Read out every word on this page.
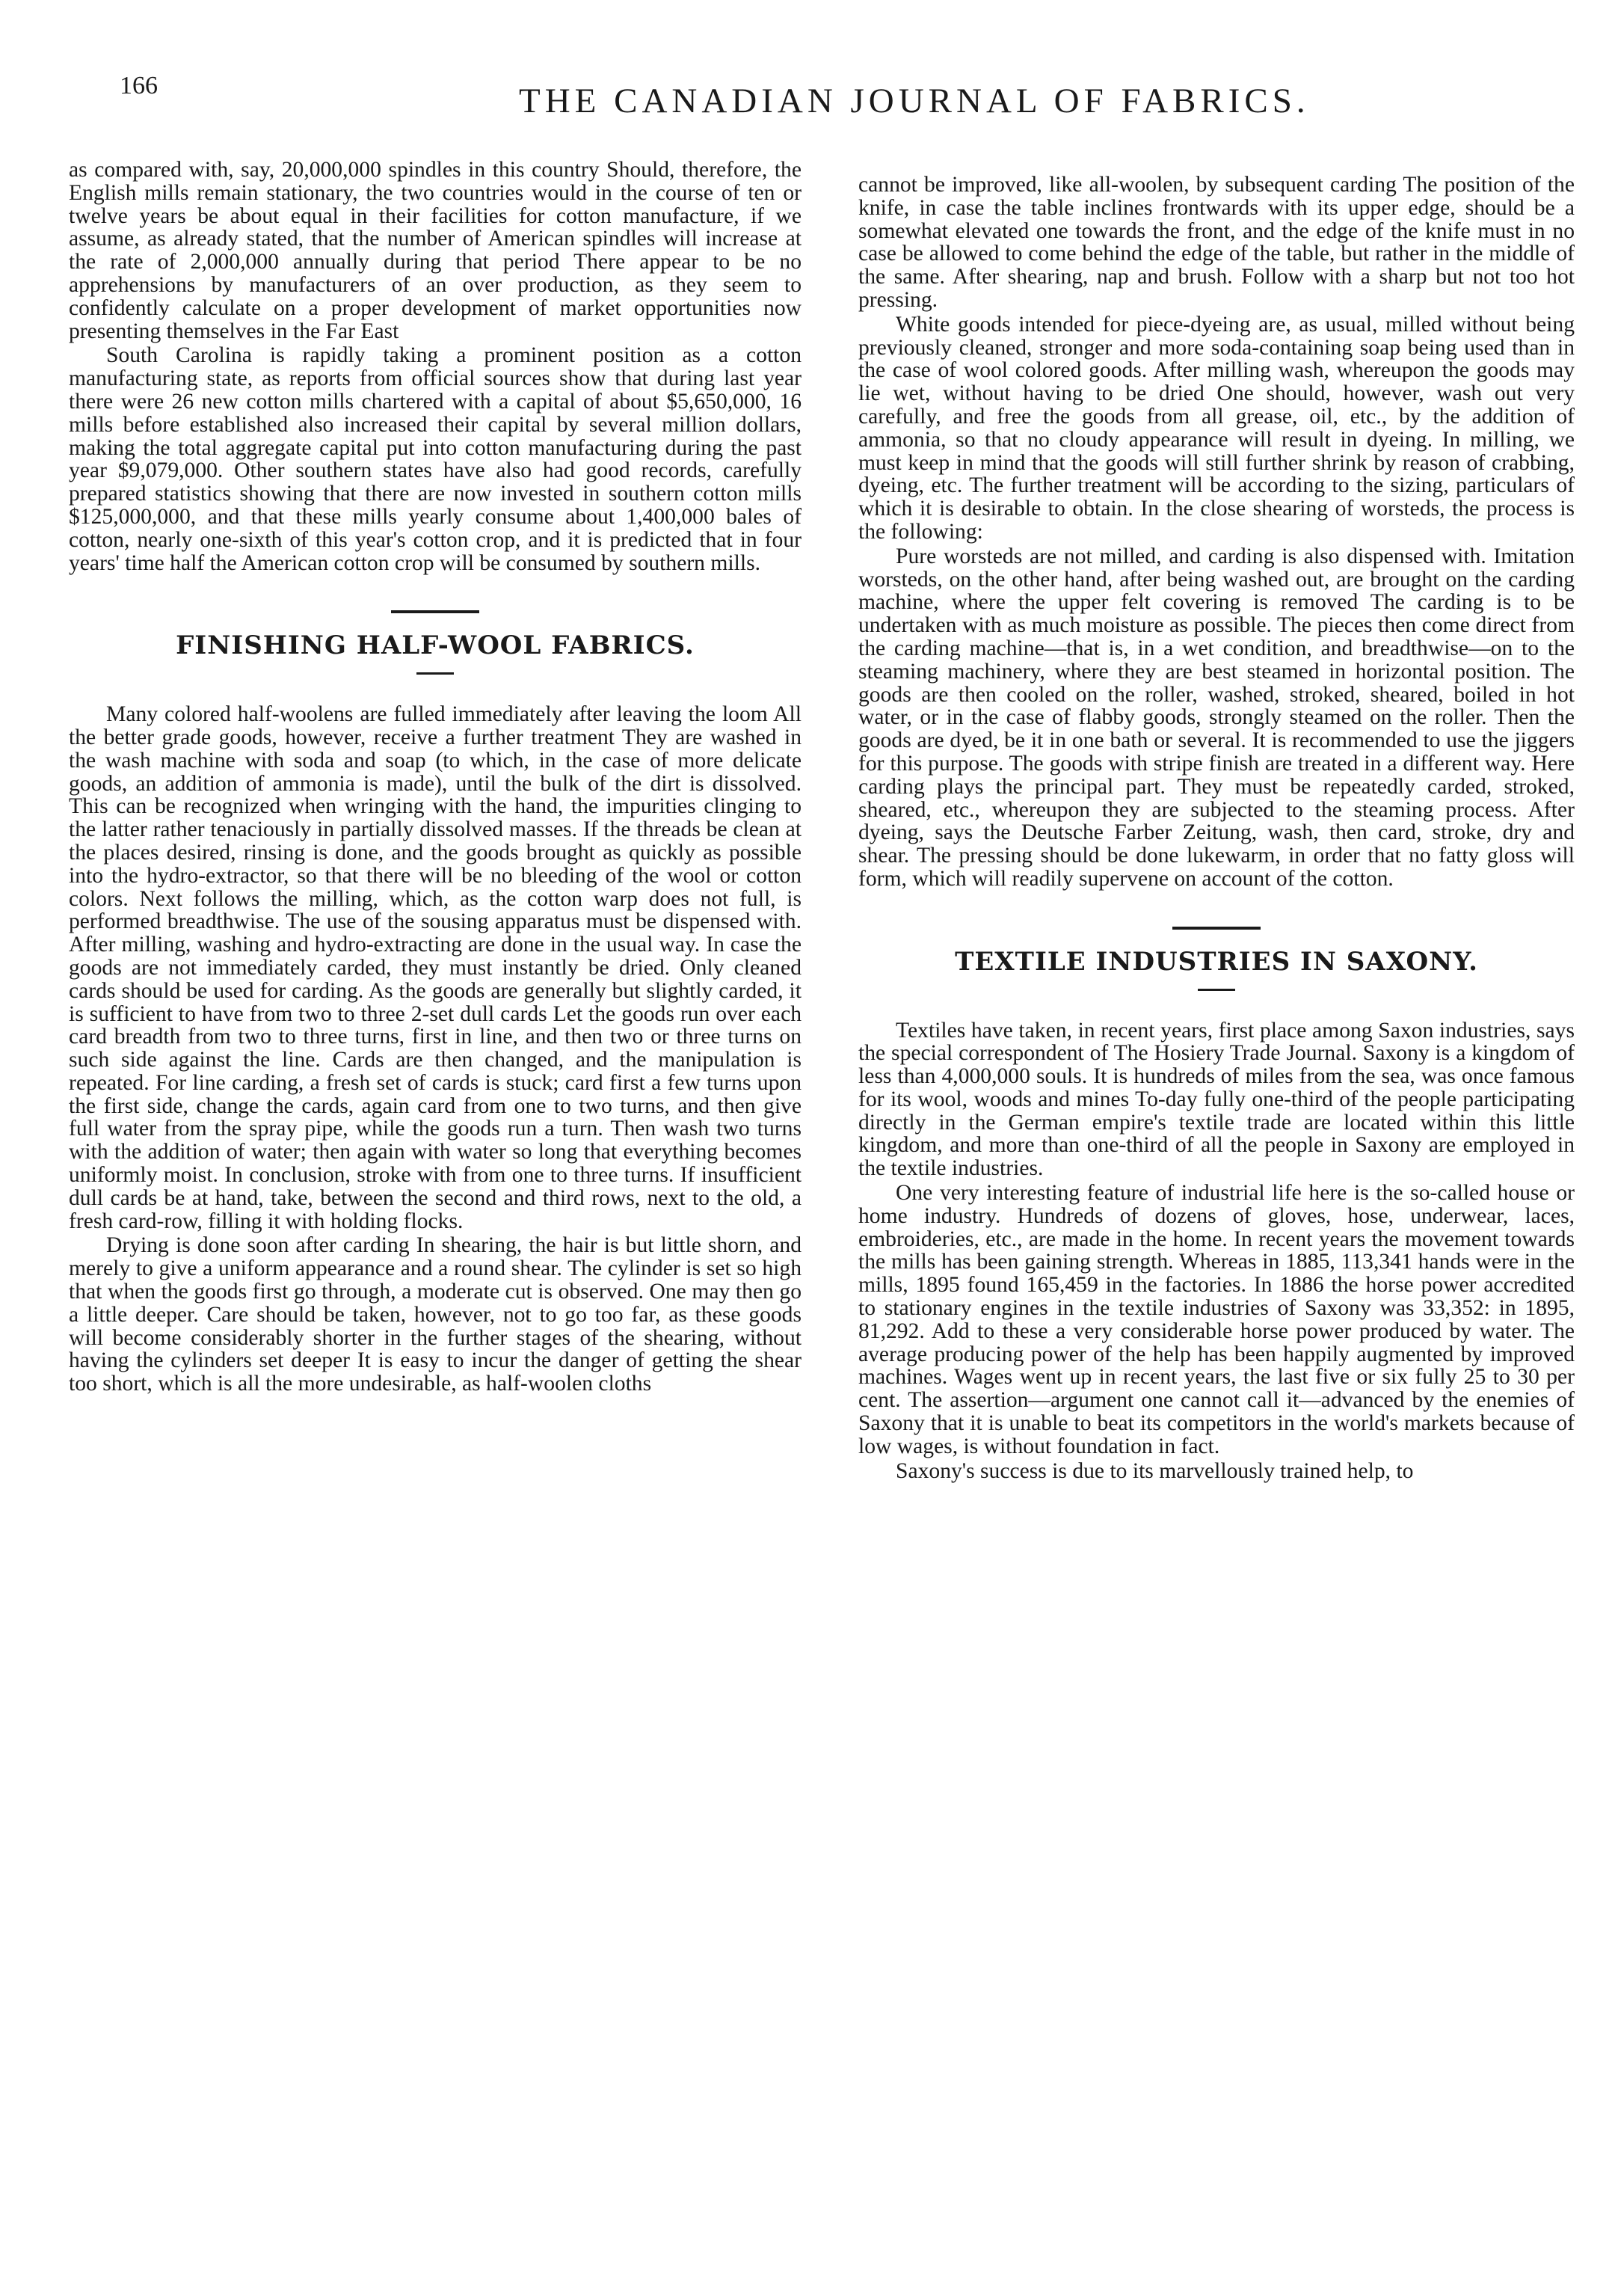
166	THE CANADIAN JOURNAL OF FABRICS.

as compared with, say, 20,000,000 spindles in this country Should, therefore, the English mills remain stationary, the two countries would in the course of ten or twelve years be about equal in their facilities for cotton manufacture, if we assume, as already stated, that the number of American spindles will increase at the rate of 2,000,000 annually during that period There appear to be no apprehensions by manufacturers of an over production, as they seem to confidently calculate on a proper development of market opportunities now presenting themselves in the Far East

South Carolina is rapidly taking a prominent position as a cotton manufacturing state, as reports from official sources show that during last year there were 26 new cotton mills chartered with a capital of about $5,650,000, 16 mills before established also increased their capital by several million dollars, making the total aggregate capital put into cotton manufacturing during the past year $9,079,000. Other southern states have also had good records, carefully prepared statistics showing that there are now invested in southern cotton mills $125,000,000, and that these mills yearly consume about 1,400,000 bales of cotton, nearly one-sixth of this year's cotton crop, and it is predicted that in four years' time half the American cotton crop will be consumed by southern mills.

FINISHING HALF-WOOL FABRICS.

Many colored half-woolens are fulled immediately after leaving the loom All the better grade goods, however, receive a further treatment They are washed in the wash machine with soda and soap (to which, in the case of more delicate goods, an addition of ammonia is made), until the bulk of the dirt is dissolved. This can be recognized when wringing with the hand, the impurities clinging to the latter rather tenaciously in partially dissolved masses. If the threads be clean at the places desired, rinsing is done, and the goods brought as quickly as possible into the hydro-extractor, so that there will be no bleeding of the wool or cotton colors. Next follows the milling, which, as the cotton warp does not full, is performed breadthwise. The use of the sousing apparatus must be dispensed with. After milling, washing and hydro-extracting are done in the usual way. In case the goods are not immediately carded, they must instantly be dried. Only cleaned cards should be used for carding. As the goods are generally but slightly carded, it is sufficient to have from two to three 2-set dull cards Let the goods run over each card breadth from two to three turns, first in line, and then two or three turns on such side against the line. Cards are then changed, and the manipulation is repeated. For line carding, a fresh set of cards is stuck; card first a few turns upon the first side, change the cards, again card from one to two turns, and then give full water from the spray pipe, while the goods run a turn. Then wash two turns with the addition of water; then again with water so long that everything becomes uniformly moist. In conclusion, stroke with from one to three turns. If insufficient dull cards be at hand, take, between the second and third rows, next to the old, a fresh card-row, filling it with holding flocks.

Drying is done soon after carding In shearing, the hair is but little shorn, and merely to give a uniform appearance and a round shear. The cylinder is set so high that when the goods first go through, a moderate cut is observed. One may then go a little deeper. Care should be taken, however, not to go too far, as these goods will become considerably shorter in the further stages of the shearing, without having the cylinders set deeper It is easy to incur the danger of getting the shear too short, which is all the more undesirable, as half-woolen cloths

cannot be improved, like all-woolen, by subsequent carding The position of the knife, in case the table inclines frontwards with its upper edge, should be a somewhat elevated one towards the front, and the edge of the knife must in no case be allowed to come behind the edge of the table, but rather in the middle of the same. After shearing, nap and brush. Follow with a sharp but not too hot pressing.

White goods intended for piece-dyeing are, as usual, milled without being previously cleaned, stronger and more soda-containing soap being used than in the case of wool colored goods. After milling wash, whereupon the goods may lie wet, without having to be dried One should, however, wash out very carefully, and free the goods from all grease, oil, etc., by the addition of ammonia, so that no cloudy appearance will result in dyeing. In milling, we must keep in mind that the goods will still further shrink by reason of crabbing, dyeing, etc. The further treatment will be according to the sizing, particulars of which it is desirable to obtain. In the close shearing of worsteds, the process is the following:

Pure worsteds are not milled, and carding is also dispensed with. Imitation worsteds, on the other hand, after being washed out, are brought on the carding machine, where the upper felt covering is removed The carding is to be undertaken with as much moisture as possible. The pieces then come direct from the carding machine—that is, in a wet condition, and breadthwise—on to the steaming machinery, where they are best steamed in horizontal position. The goods are then cooled on the roller, washed, stroked, sheared, boiled in hot water, or in the case of flabby goods, strongly steamed on the roller. Then the goods are dyed, be it in one bath or several. It is recommended to use the jiggers for this purpose. The goods with stripe finish are treated in a different way. Here carding plays the principal part. They must be repeatedly carded, stroked, sheared, etc., whereupon they are subjected to the steaming process. After dyeing, says the Deutsche Farber Zeitung, wash, then card, stroke, dry and shear. The pressing should be done lukewarm, in order that no fatty gloss will form, which will readily supervene on account of the cotton.

TEXTILE INDUSTRIES IN SAXONY.

Textiles have taken, in recent years, first place among Saxon industries, says the special correspondent of The Hosiery Trade Journal. Saxony is a kingdom of less than 4,000,000 souls. It is hundreds of miles from the sea, was once famous for its wool, woods and mines To-day fully one-third of the people participating directly in the German empire's textile trade are located within this little kingdom, and more than one-third of all the people in Saxony are employed in the textile industries.

One very interesting feature of industrial life here is the so-called house or home industry. Hundreds of dozens of gloves, hose, underwear, laces, embroideries, etc., are made in the home. In recent years the movement towards the mills has been gaining strength. Whereas in 1885, 113,341 hands were in the mills, 1895 found 165,459 in the factories. In 1886 the horse power accredited to stationary engines in the textile industries of Saxony was 33,352: in 1895, 81,292. Add to these a very considerable horse power produced by water. The average producing power of the help has been happily augmented by improved machines. Wages went up in recent years, the last five or six fully 25 to 30 per cent. The assertion—argument one cannot call it—advanced by the enemies of Saxony that it is unable to beat its competitors in the world's markets because of low wages, is without foundation in fact.

Saxony's success is due to its marvellously trained help, to
